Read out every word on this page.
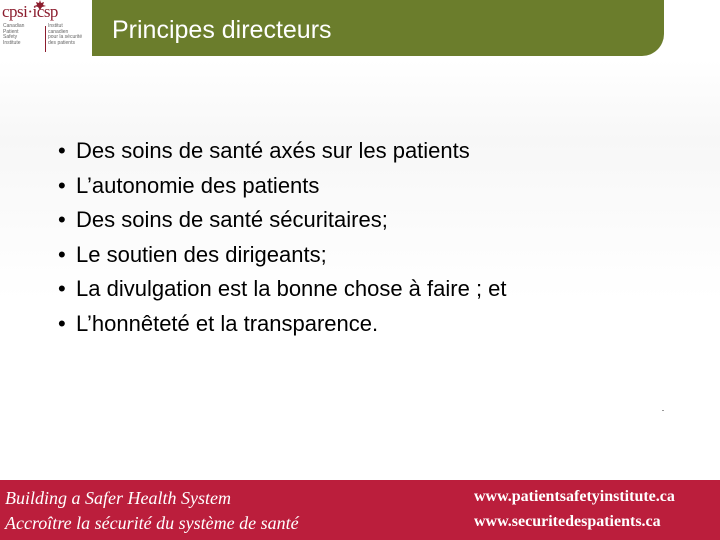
cpsi·icsp
Canadian
Patient
Safety
Institute
Institut
canadien
pour la sécurité
des patients	Principes directeurs
• Des soins de santé axés sur les patients
• L’autonomie des patients
• Des soins de santé sécuritaires;
• Le soutien des dirigeants;
• La divulgation est la bonne chose à faire ; et
• L’honnêteté et la transparence.
Building a Safer Health System
Accroître la sécurité du système de santé
www.patientsafetyinstitute.ca
www.securitedespatients.ca
